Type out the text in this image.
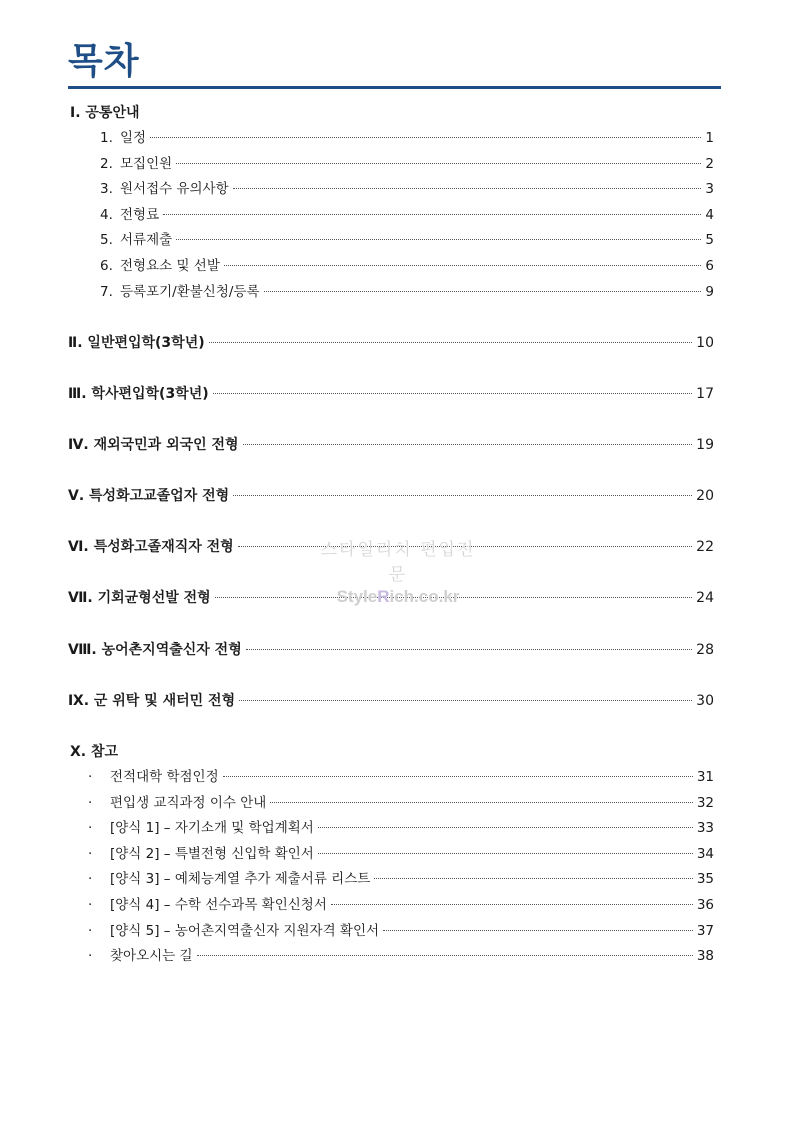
목차
Ⅰ. 공통안내
1. 일정	1
2. 모집인원	2
3. 원서접수 유의사항	3
4. 전형료	4
5. 서류제출	5
6. 전형요소 및 선발	6
7. 등록포기/환불신청/등록	9
Ⅱ. 일반편입학(3학년)	10
Ⅲ. 학사편입학(3학년)	17
Ⅳ. 재외국민과 외국인 전형	19
Ⅴ. 특성화고교졸업자 전형	20
Ⅵ. 특성화고졸재직자 전형	22
Ⅶ. 기회균형선발 전형	24
Ⅷ. 농어촌지역출신자 전형	28
Ⅸ. 군 위탁 및 새터민 전형	30
Ⅹ. 참고
·	전적대학 학점인정	31
·	편입생 교직과정 이수 안내	32
·	[양식 1] – 자기소개 및 학업계획서	33
·	[양식 2] – 특별전형 신입학 확인서	34
·	[양식 3] – 예체능계열 추가 제출서류 리스트	35
·	[양식 4] – 수학 선수과목 확인신청서	36
·	[양식 5] – 농어촌지역출신자 지원자격 확인서	37
·	찾아오시는 길	38
스타일리치 편입전문
StyleRich.co.kr
